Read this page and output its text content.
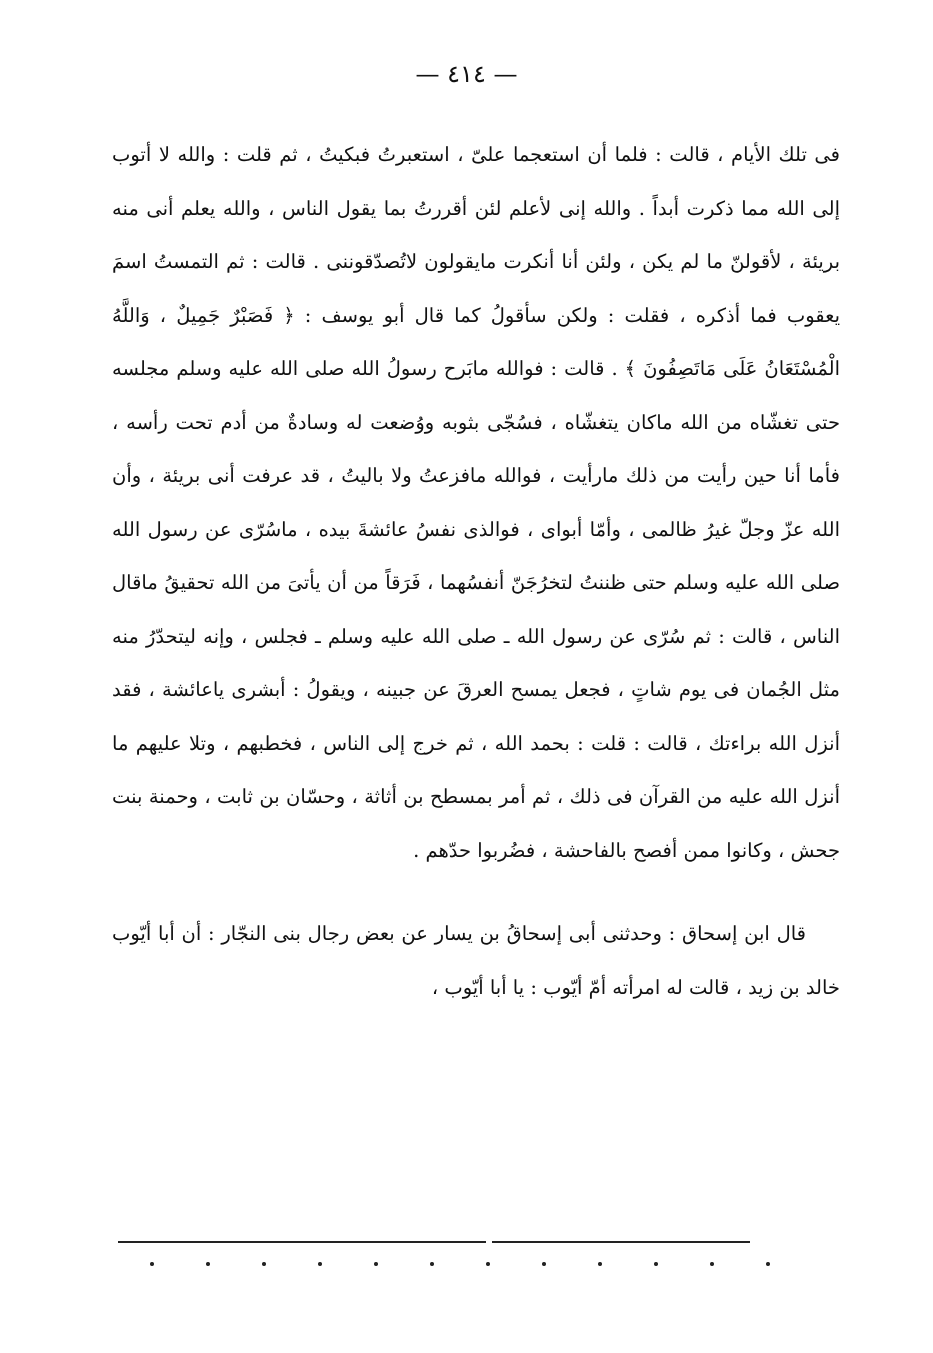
— ٤١٤ —

فى تلك الأيام ، قالت : فلما أن استعجما علىّ ، استعبرتُ فبكيتُ ، ثم قلت : والله لا أتوب إلى الله مما ذكرت أبداً . والله إنى لأعلم لئن أقررتُ بما يقول الناس ، والله يعلم أنى منه بريئة ، لأقولنّ ما لم يكن ، ولئن أنا أنكرت مايقولون لاتُصدّقوننى . قالت : ثم التمستُ اسمَ يعقوب فما أذكره ، فقلت : ولكن سأقولُ كما قال أبو يوسف : ﴿ فَصَبْرٌ جَمِيلٌ ، وَاللَّهُ الْمُسْتَعَانُ عَلَى مَاتَصِفُونَ ﴾ . قالت : فوالله مابَرح رسولُ الله صلى الله عليه وسلم مجلسه حتى تغشّاه من الله ماكان يتغشّاه ، فسُجّى بثوبه ووُضعت له وسادةٌ من أدم تحت رأسه ، فأما أنا حين رأيت من ذلك مارأيت ، فوالله مافزعتُ ولا باليتُ ، قد عرفت أنى بريئة ، وأن الله عزّ وجلّ غيرُ ظالمى ، وأمّا أبواى ، فوالذى نفسُ عائشةَ بيده ، ماسُرّى عن رسول الله صلى الله عليه وسلم حتى ظننتُ لتخرُجَنّ أنفسُهما ، فَرَقاً من أن يأتىَ من الله تحقيقُ ماقال الناس ، قالت : ثم سُرّى عن رسول الله ـ صلى الله عليه وسلم ـ فجلس ، وإنه ليتحدّرُ منه مثل الجُمان فى يوم شاتٍ ، فجعل يمسح العرقَ عن جبينه ، ويقولُ : أبشرى ياعائشة ، فقد أنزل الله براءتك ، قالت : قلت : بحمد الله ، ثم خرج إلى الناس ، فخطبهم ، وتلا عليهم ما أنزل الله عليه من القرآن فى ذلك ، ثم أمر بمسطح بن أثاثة ، وحسّان بن ثابت ، وحمنة بنت جحش ، وكانوا ممن أفصح بالفاحشة ، فضُربوا حدّهم .

قال ابن إسحاق : وحدثنى أبى إسحاقُ بن يسار عن بعض رجال بنى النجّار : أن أبا أيّوب خالد بن زيد ، قالت له امرأته أمّ أيّوب : يا أبا أيّوب ،
